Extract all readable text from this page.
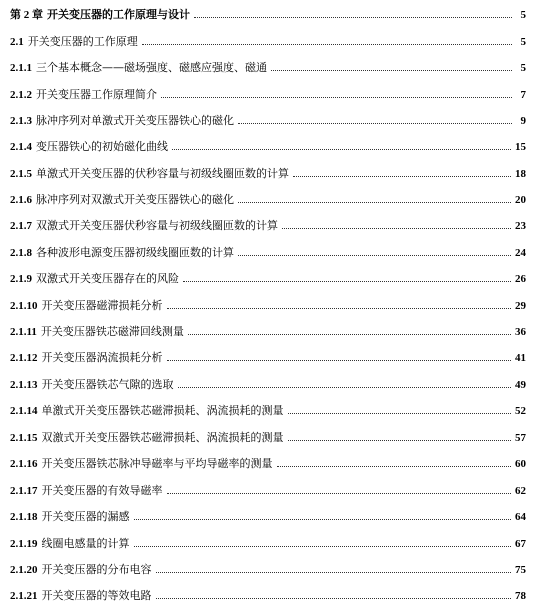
第 2 章 开关变压器的工作原理与设计	5
2.1 开关变压器的工作原理	5
2.1.1 三个基本概念——磁场强度、磁感应强度、磁通	5
2.1.2 开关变压器工作原理简介	7
2.1.3 脉冲序列对单激式开关变压器铁心的磁化	9
2.1.4 变压器铁心的初始磁化曲线	15
2.1.5 单激式开关变压器的伏秒容量与初级线圈匝数的计算	18
2.1.6 脉冲序列对双激式开关变压器铁心的磁化	20
2.1.7 双激式开关变压器伏秒容量与初级线圈匝数的计算	23
2.1.8 各种波形电源变压器初级线圈匝数的计算	24
2.1.9 双激式开关变压器存在的风险	26
2.1.10 开关变压器磁滞损耗分析	29
2.1.11 开关变压器铁芯磁滞回线测量	36
2.1.12 开关变压器涡流损耗分析	41
2.1.13 开关变压器铁芯气隙的选取	49
2.1.14 单激式开关变压器铁芯磁滞损耗、涡流损耗的测量	52
2.1.15 双激式开关变压器铁芯磁滞损耗、涡流损耗的测量	57
2.1.16 开关变压器铁芯脉冲导磁率与平均导磁率的测量	60
2.1.17 开关变压器的有效导磁率	62
2.1.18 开关变压器的漏感	64
2.1.19 线圈电感量的计算	67
2.1.20 开关变压器的分布电容	75
2.1.21 开关变压器的等效电路	78
